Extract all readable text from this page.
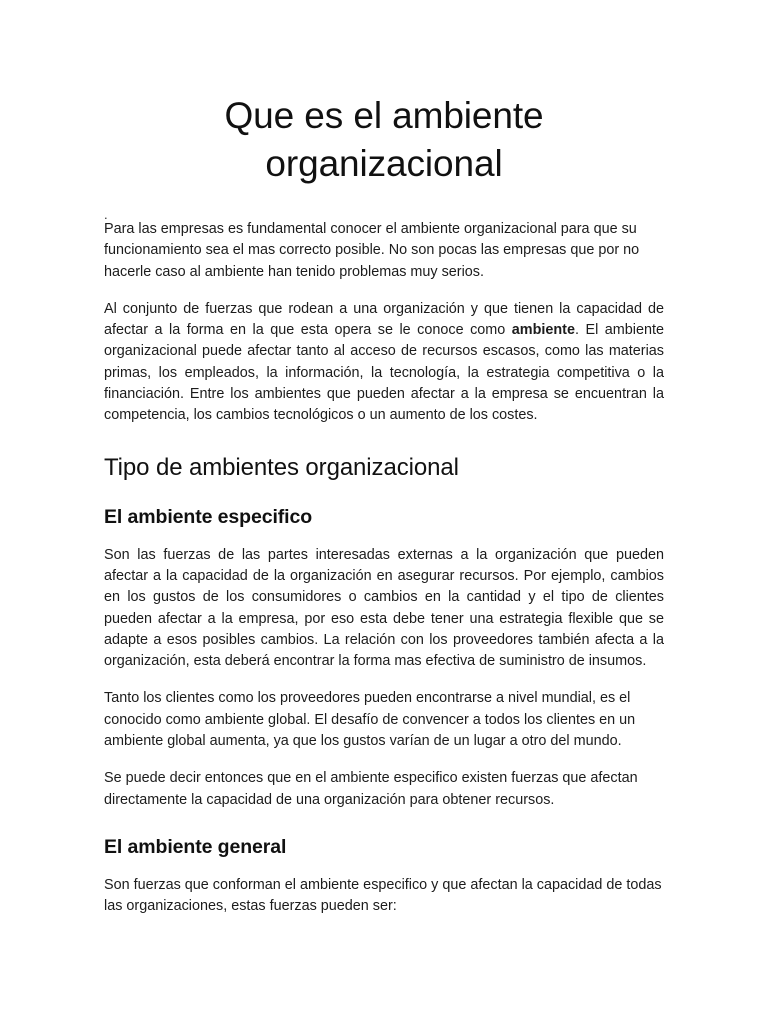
Que es el ambiente organizacional

.

Para las empresas es fundamental conocer el ambiente organizacional para que su funcionamiento sea el mas correcto posible. No son pocas las empresas que por no hacerle caso al ambiente han tenido problemas muy serios.

Al conjunto de fuerzas que rodean a una organización y que tienen la capacidad de afectar a la forma en la que esta opera se le conoce como ambiente. El ambiente organizacional puede afectar tanto al acceso de recursos escasos, como las materias primas, los empleados, la información, la tecnología, la estrategia competitiva o la financiación. Entre los ambientes que pueden afectar a la empresa se encuentran la competencia, los cambios tecnológicos o un aumento de los costes.

Tipo de ambientes organizacional
El ambiente especifico

Son las fuerzas de las partes interesadas externas a la organización que pueden afectar a la capacidad de la organización en asegurar recursos. Por ejemplo, cambios en los gustos de los consumidores o cambios en la cantidad y el tipo de clientes pueden afectar a la empresa, por eso esta debe tener una estrategia flexible que se adapte a esos posibles cambios. La relación con los proveedores también afecta a la organización, esta deberá encontrar la forma mas efectiva de suministro de insumos.

Tanto los clientes como los proveedores pueden encontrarse a nivel mundial, es el conocido como ambiente global. El desafío de convencer a todos los clientes en un ambiente global aumenta, ya que los gustos varían de un lugar a otro del mundo.

Se puede decir entonces que en el ambiente especifico existen fuerzas que afectan directamente la capacidad de una organización para obtener recursos.

El ambiente general

Son fuerzas que conforman el ambiente especifico y que afectan la capacidad de todas las organizaciones, estas fuerzas pueden ser:
